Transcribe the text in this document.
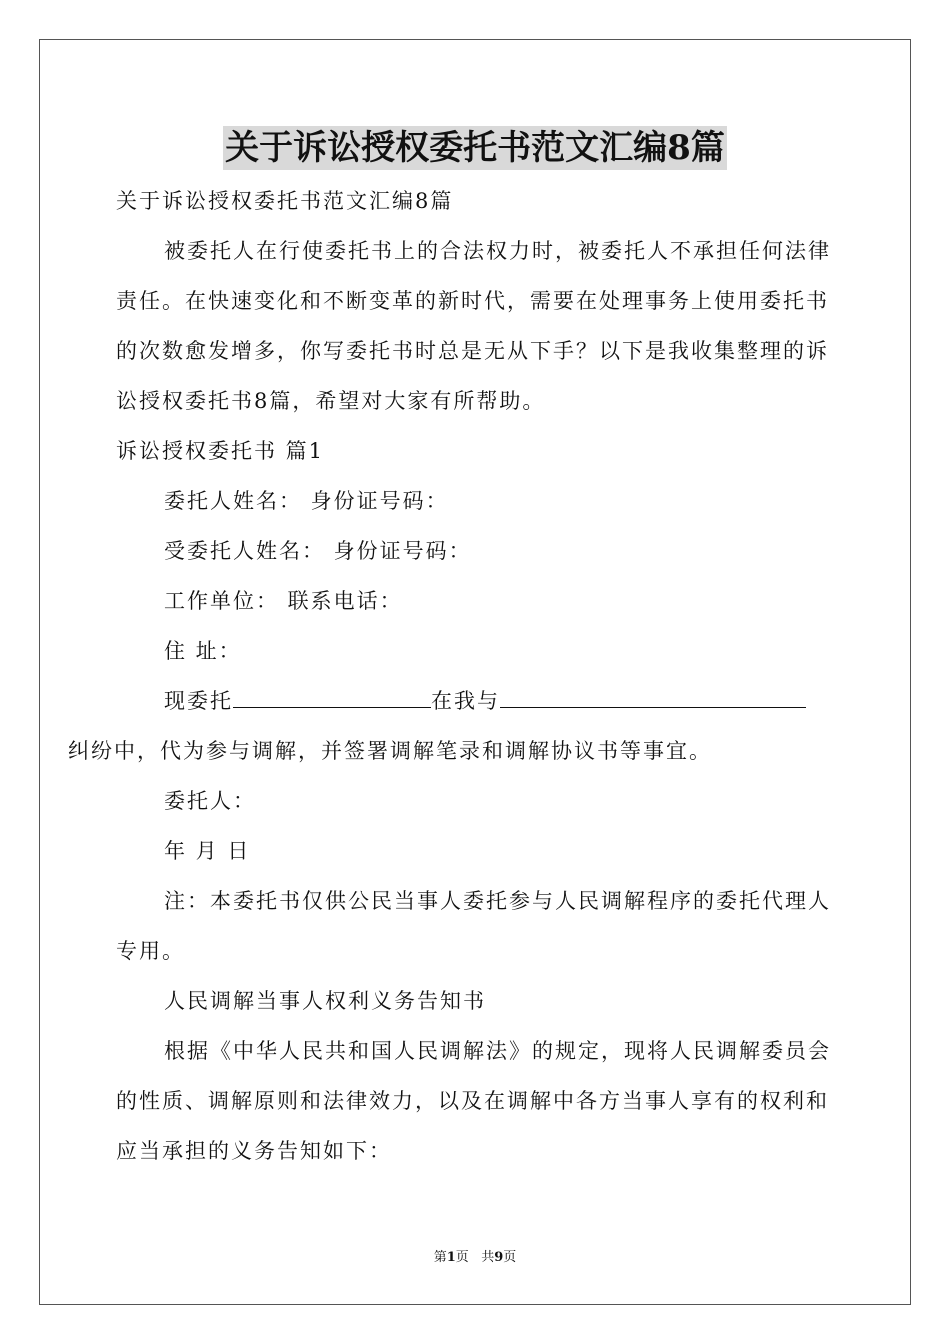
关于诉讼授权委托书范文汇编8篇

关于诉讼授权委托书范文汇编8篇

被委托人在行使委托书上的合法权力时，被委托人不承担任何法律责任。在快速变化和不断变革的新时代，需要在处理事务上使用委托书的次数愈发增多，你写委托书时总是无从下手？以下是我收集整理的诉讼授权委托书8篇，希望对大家有所帮助。

诉讼授权委托书 篇1

委托人姓名： 身份证号码：

受委托人姓名： 身份证号码：

工作单位： 联系电话：

住 址：

现委托	在我与
纠纷中，代为参与调解，并签署调解笔录和调解协议书等事宜。

委托人：

年 月 日

注：本委托书仅供公民当事人委托参与人民调解程序的委托代理人专用。

人民调解当事人权利义务告知书

根据《中华人民共和国人民调解法》的规定，现将人民调解委员会的性质、调解原则和法律效力，以及在调解中各方当事人享有的权利和应当承担的义务告知如下：

第1页 共9页
